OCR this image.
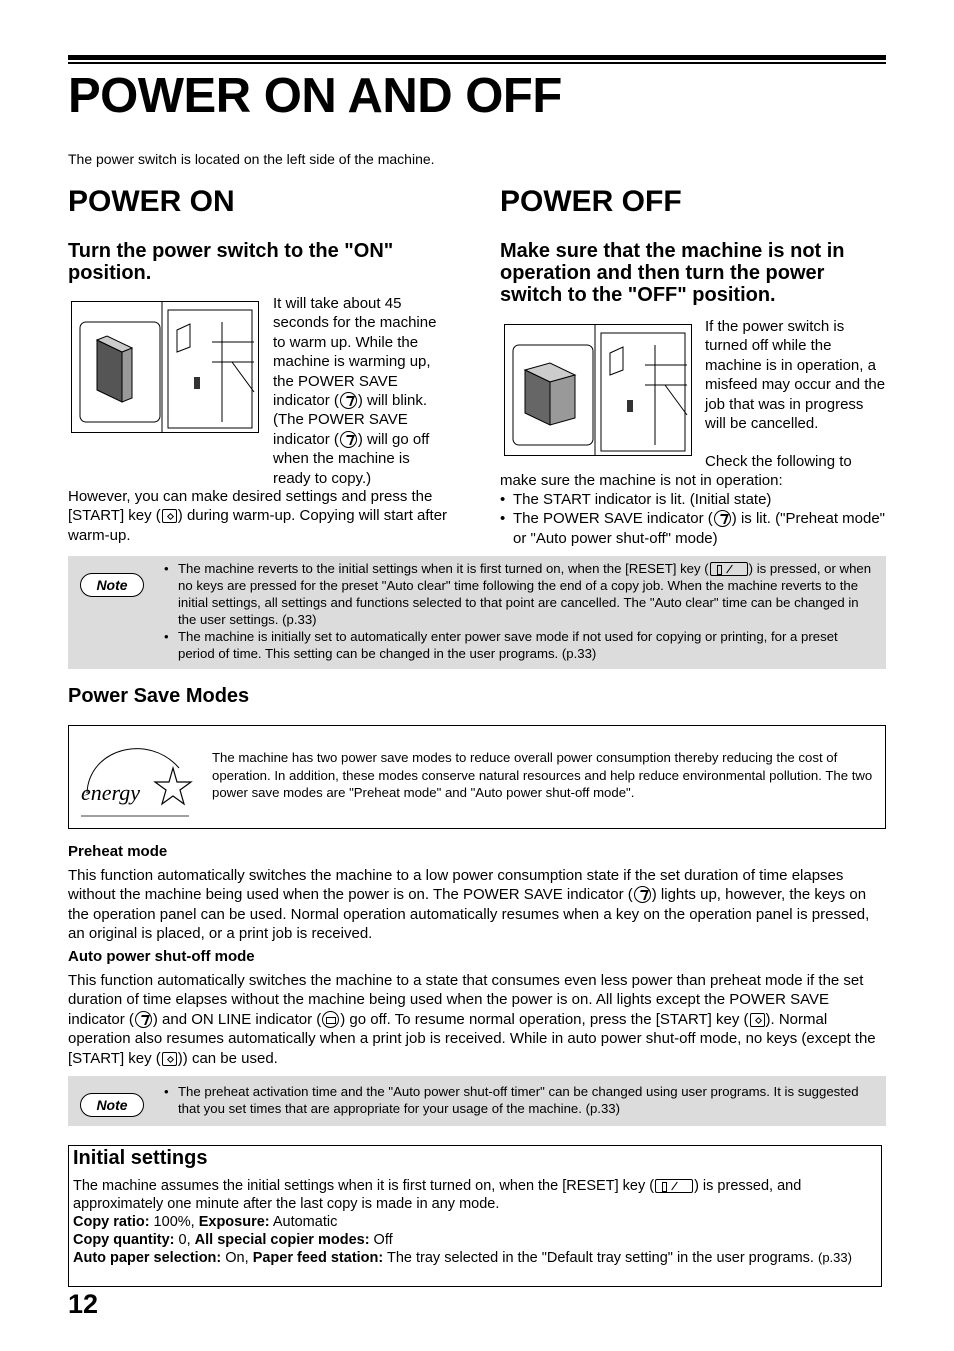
POWER ON AND OFF
The power switch is located on the left side of the machine.
POWER ON
Turn the power switch to the "ON" position.
It will take about 45 seconds for the machine to warm up. While the machine is warming up, the POWER SAVE indicator ( ) will blink. (The POWER SAVE indicator ( ) will go off when the machine is ready to copy.)
However, you can make desired settings and press the [START] key ( ) during warm-up. Copying will start after warm-up.
POWER OFF
Make sure that the machine is not in operation and then turn the power switch to the "OFF" position.
If the power switch is turned off while the machine is in operation, a misfeed may occur and the job that was in progress will be cancelled.
Check the following to make sure the machine is not in operation:
• The START indicator is lit. (Initial state)
• The POWER SAVE indicator ( ) is lit. ("Preheat mode" or "Auto power shut-off" mode)
Note
• The machine reverts to the initial settings when it is first turned on, when the [RESET] key (	) is pressed, or when no keys are pressed for the preset "Auto clear" time following the end of a copy job. When the machine reverts to the initial settings, all settings and functions selected to that point are cancelled. The "Auto clear" time can be changed in the user settings. (p.33)
• The machine is initially set to automatically enter power save mode if not used for copying or printing, for a preset period of time. This setting can be changed in the user programs. (p.33)
Power Save Modes
energy
The machine has two power save modes to reduce overall power consumption thereby reducing the cost of operation. In addition, these modes conserve natural resources and help reduce environmental pollution. The two power save modes are "Preheat mode" and "Auto power shut-off mode".
Preheat mode
This function automatically switches the machine to a low power consumption state if the set duration of time elapses without the machine being used when the power is on. The POWER SAVE indicator ( ) lights up, however, the keys on the operation panel can be used. Normal operation automatically resumes when a key on the operation panel is pressed, an original is placed, or a print job is received.
Auto power shut-off mode
This function automatically switches the machine to a state that consumes even less power than preheat mode if the set duration of time elapses without the machine being used when the power is on. All lights except the POWER SAVE indicator ( ) and ON LINE indicator ( ) go off. To resume normal operation, press the [START] key ( ). Normal operation also resumes automatically when a print job is received. While in auto power shut-off mode, no keys (except the [START] key ( )) can be used.
Note
• The preheat activation time and the "Auto power shut-off timer" can be changed using user programs. It is suggested that you set times that are appropriate for your usage of the machine. (p.33)
Initial settings
The machine assumes the initial settings when it is first turned on, when the [RESET] key (	) is pressed, and approximately one minute after the last copy is made in any mode.
Copy ratio: 100%, Exposure: Automatic
Copy quantity: 0, All special copier modes: Off
Auto paper selection: On, Paper feed station: The tray selected in the "Default tray setting" in the user programs. (p.33)
12
